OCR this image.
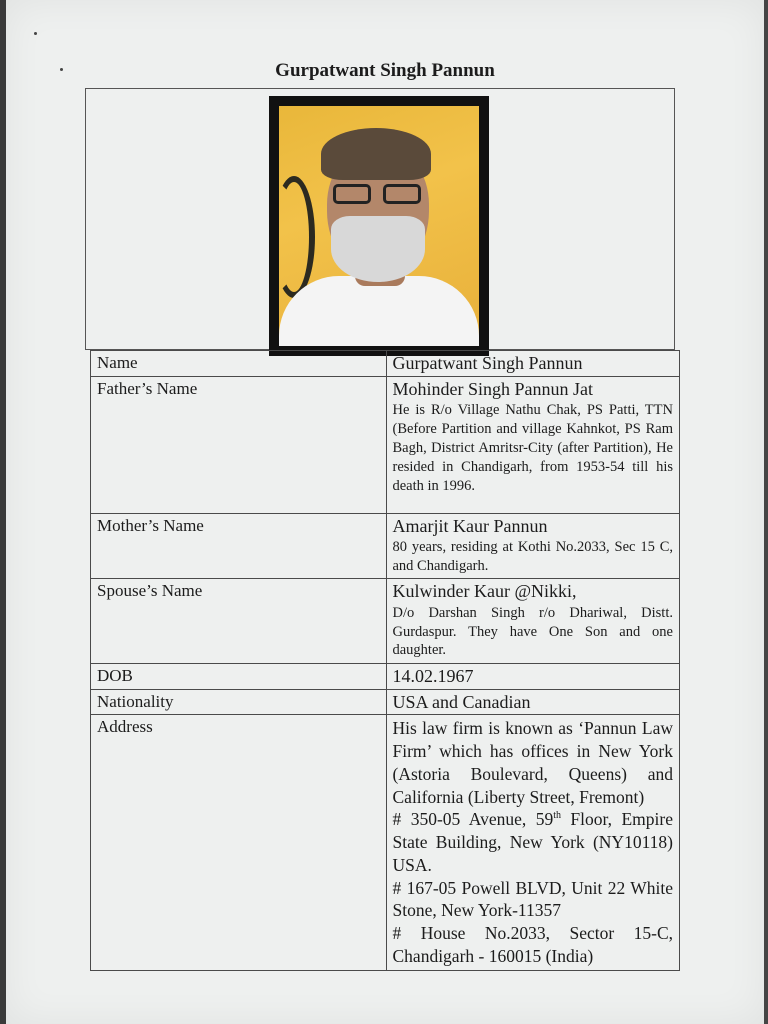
Gurpatwant Singh Pannun
Name	Gurpatwant Singh Pannun

Father’s Name	Mohinder Singh Pannun Jat
He is R/o Village Nathu Chak, PS Patti, TTN (Before Partition and village Kahnkot, PS Ram Bagh, District Amritsr-City (after Partition), He resided in Chandigarh, from 1953-54 till his death in 1996.

Mother’s Name	Amarjit Kaur Pannun
80 years, residing at Kothi No.2033, Sec 15 C, and Chandigarh.

Spouse’s Name	Kulwinder Kaur @Nikki,
D/o Darshan Singh r/o Dhariwal, Distt. Gurdaspur. They have One Son and one daughter.

DOB	14.02.1967

Nationality	USA and Canadian

Address	His law firm is known as ‘Pannun Law Firm’ which has offices in New York (Astoria Boulevard, Queens) and California (Liberty Street, Fremont)
# 350-05 Avenue, 59th Floor, Empire State Building, New York (NY10118) USA.
# 167-05 Powell BLVD, Unit 22 White Stone, New York-11357
# House No.2033, Sector 15-C, Chandigarh - 160015 (India)
